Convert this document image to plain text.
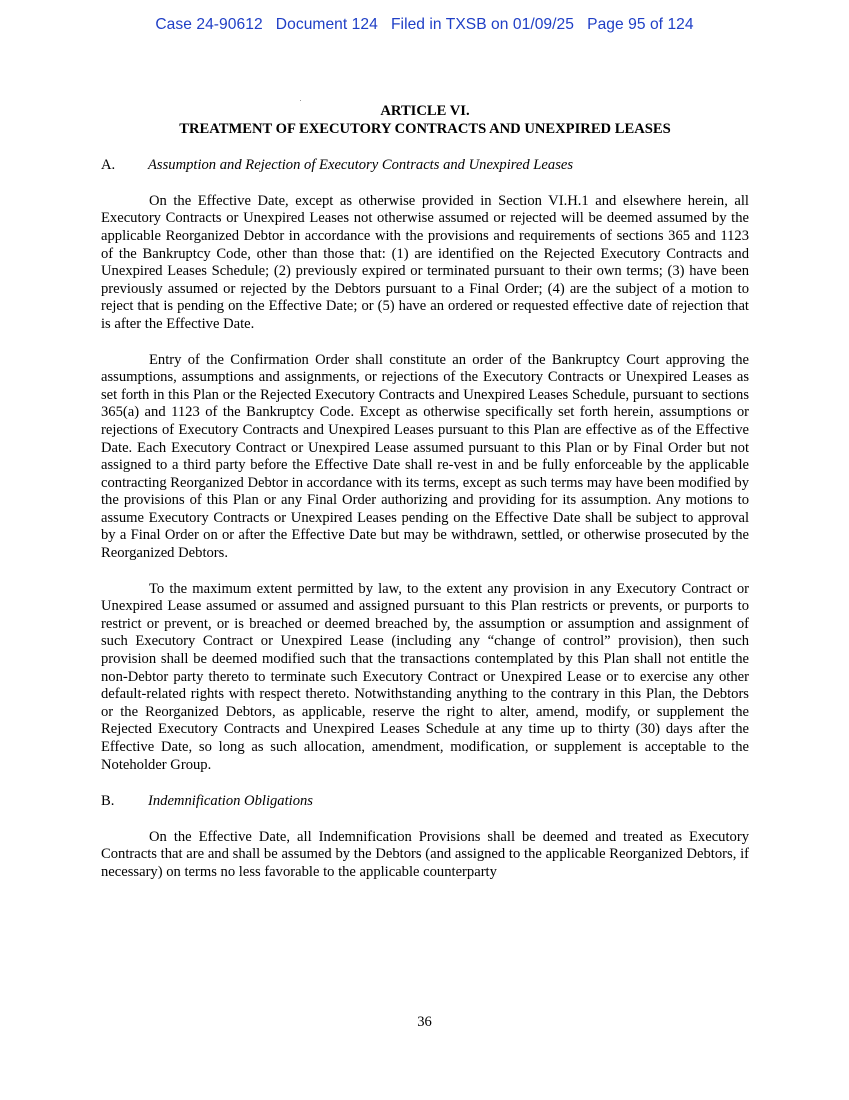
Case 24-90612   Document 124   Filed in TXSB on 01/09/25   Page 95 of 124

ARTICLE VI.

TREATMENT OF EXECUTORY CONTRACTS AND UNEXPIRED LEASES

A.	Assumption and Rejection of Executory Contracts and Unexpired Leases

On the Effective Date, except as otherwise provided in Section VI.H.1 and elsewhere herein, all Executory Contracts or Unexpired Leases not otherwise assumed or rejected will be deemed assumed by the applicable Reorganized Debtor in accordance with the provisions and requirements of sections 365 and 1123 of the Bankruptcy Code, other than those that: (1) are identified on the Rejected Executory Contracts and Unexpired Leases Schedule; (2) previously expired or terminated pursuant to their own terms; (3) have been previously assumed or rejected by the Debtors pursuant to a Final Order; (4) are the subject of a motion to reject that is pending on the Effective Date; or (5) have an ordered or requested effective date of rejection that is after the Effective Date.

Entry of the Confirmation Order shall constitute an order of the Bankruptcy Court approving the assumptions, assumptions and assignments, or rejections of the Executory Contracts or Unexpired Leases as set forth in this Plan or the Rejected Executory Contracts and Unexpired Leases Schedule, pursuant to sections 365(a) and 1123 of the Bankruptcy Code. Except as otherwise specifically set forth herein, assumptions or rejections of Executory Contracts and Unexpired Leases pursuant to this Plan are effective as of the Effective Date. Each Executory Contract or Unexpired Lease assumed pursuant to this Plan or by Final Order but not assigned to a third party before the Effective Date shall re-vest in and be fully enforceable by the applicable contracting Reorganized Debtor in accordance with its terms, except as such terms may have been modified by the provisions of this Plan or any Final Order authorizing and providing for its assumption. Any motions to assume Executory Contracts or Unexpired Leases pending on the Effective Date shall be subject to approval by a Final Order on or after the Effective Date but may be withdrawn, settled, or otherwise prosecuted by the Reorganized Debtors.

To the maximum extent permitted by law, to the extent any provision in any Executory Contract or Unexpired Lease assumed or assumed and assigned pursuant to this Plan restricts or prevents, or purports to restrict or prevent, or is breached or deemed breached by, the assumption or assumption and assignment of such Executory Contract or Unexpired Lease (including any “change of control” provision), then such provision shall be deemed modified such that the transactions contemplated by this Plan shall not entitle the non-Debtor party thereto to terminate such Executory Contract or Unexpired Lease or to exercise any other default-related rights with respect thereto. Notwithstanding anything to the contrary in this Plan, the Debtors or the Reorganized Debtors, as applicable, reserve the right to alter, amend, modify, or supplement the Rejected Executory Contracts and Unexpired Leases Schedule at any time up to thirty (30) days after the Effective Date, so long as such allocation, amendment, modification, or supplement is acceptable to the Noteholder Group.

B.	Indemnification Obligations

On the Effective Date, all Indemnification Provisions shall be deemed and treated as Executory Contracts that are and shall be assumed by the Debtors (and assigned to the applicable Reorganized Debtors, if necessary) on terms no less favorable to the applicable counterparty

36
